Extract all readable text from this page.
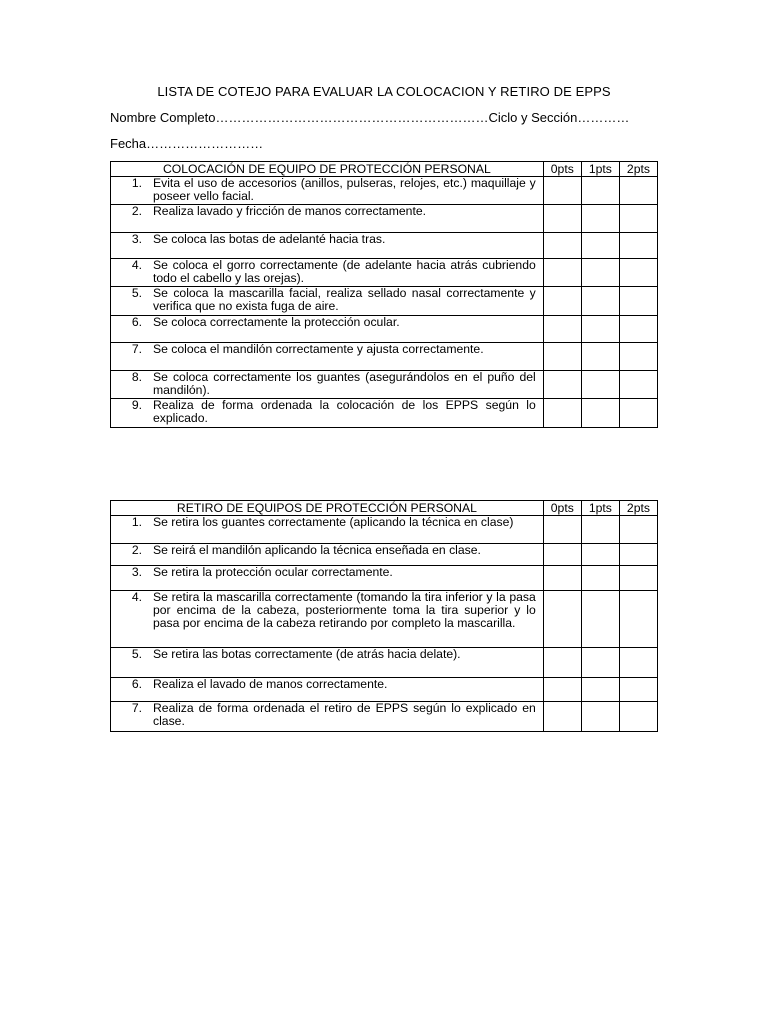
LISTA DE COTEJO PARA EVALUAR LA COLOCACION Y RETIRO DE EPPS
Nombre Completo………………………………………………………Ciclo y Sección…………
Fecha………………………
COLOCACIÓN DE EQUIPO DE PROTECCIÓN PERSONAL	0pts	1pts	2pts

1. Evita el uso de accesorios (anillos, pulseras, relojes, etc.) maquillaje y poseer vello facial.			

2. Realiza lavado y fricción de manos correctamente.			

3. Se coloca las botas de adelanté hacia tras.			

4. Se coloca el gorro correctamente (de adelante hacia atrás cubriendo todo el cabello y las orejas).			

5. Se coloca la mascarilla facial, realiza sellado nasal correctamente y verifica que no exista fuga de aire.			

6. Se coloca correctamente la protección ocular.			

7. Se coloca el mandilón correctamente y ajusta correctamente.			

8. Se coloca correctamente los guantes (asegurándolos en el puño del mandilón).			

9. Realiza de forma ordenada la colocación de los EPPS según lo explicado.			

RETIRO DE EQUIPOS DE PROTECCIÓN PERSONAL	0pts	1pts	2pts

1. Se retira los guantes correctamente (aplicando la técnica en clase)			

2. Se reirá el mandilón aplicando la técnica enseñada en clase.			

3. Se retira la protección ocular correctamente.			

4. Se retira la mascarilla correctamente (tomando la tira inferior y la pasa por encima de la cabeza, posteriormente toma la tira superior y lo pasa por encima de la cabeza retirando por completo la mascarilla.			

5. Se retira las botas correctamente (de atrás hacia delate).			

6. Realiza el lavado de manos correctamente.			

7. Realiza de forma ordenada el retiro de EPPS según lo explicado en clase.			
